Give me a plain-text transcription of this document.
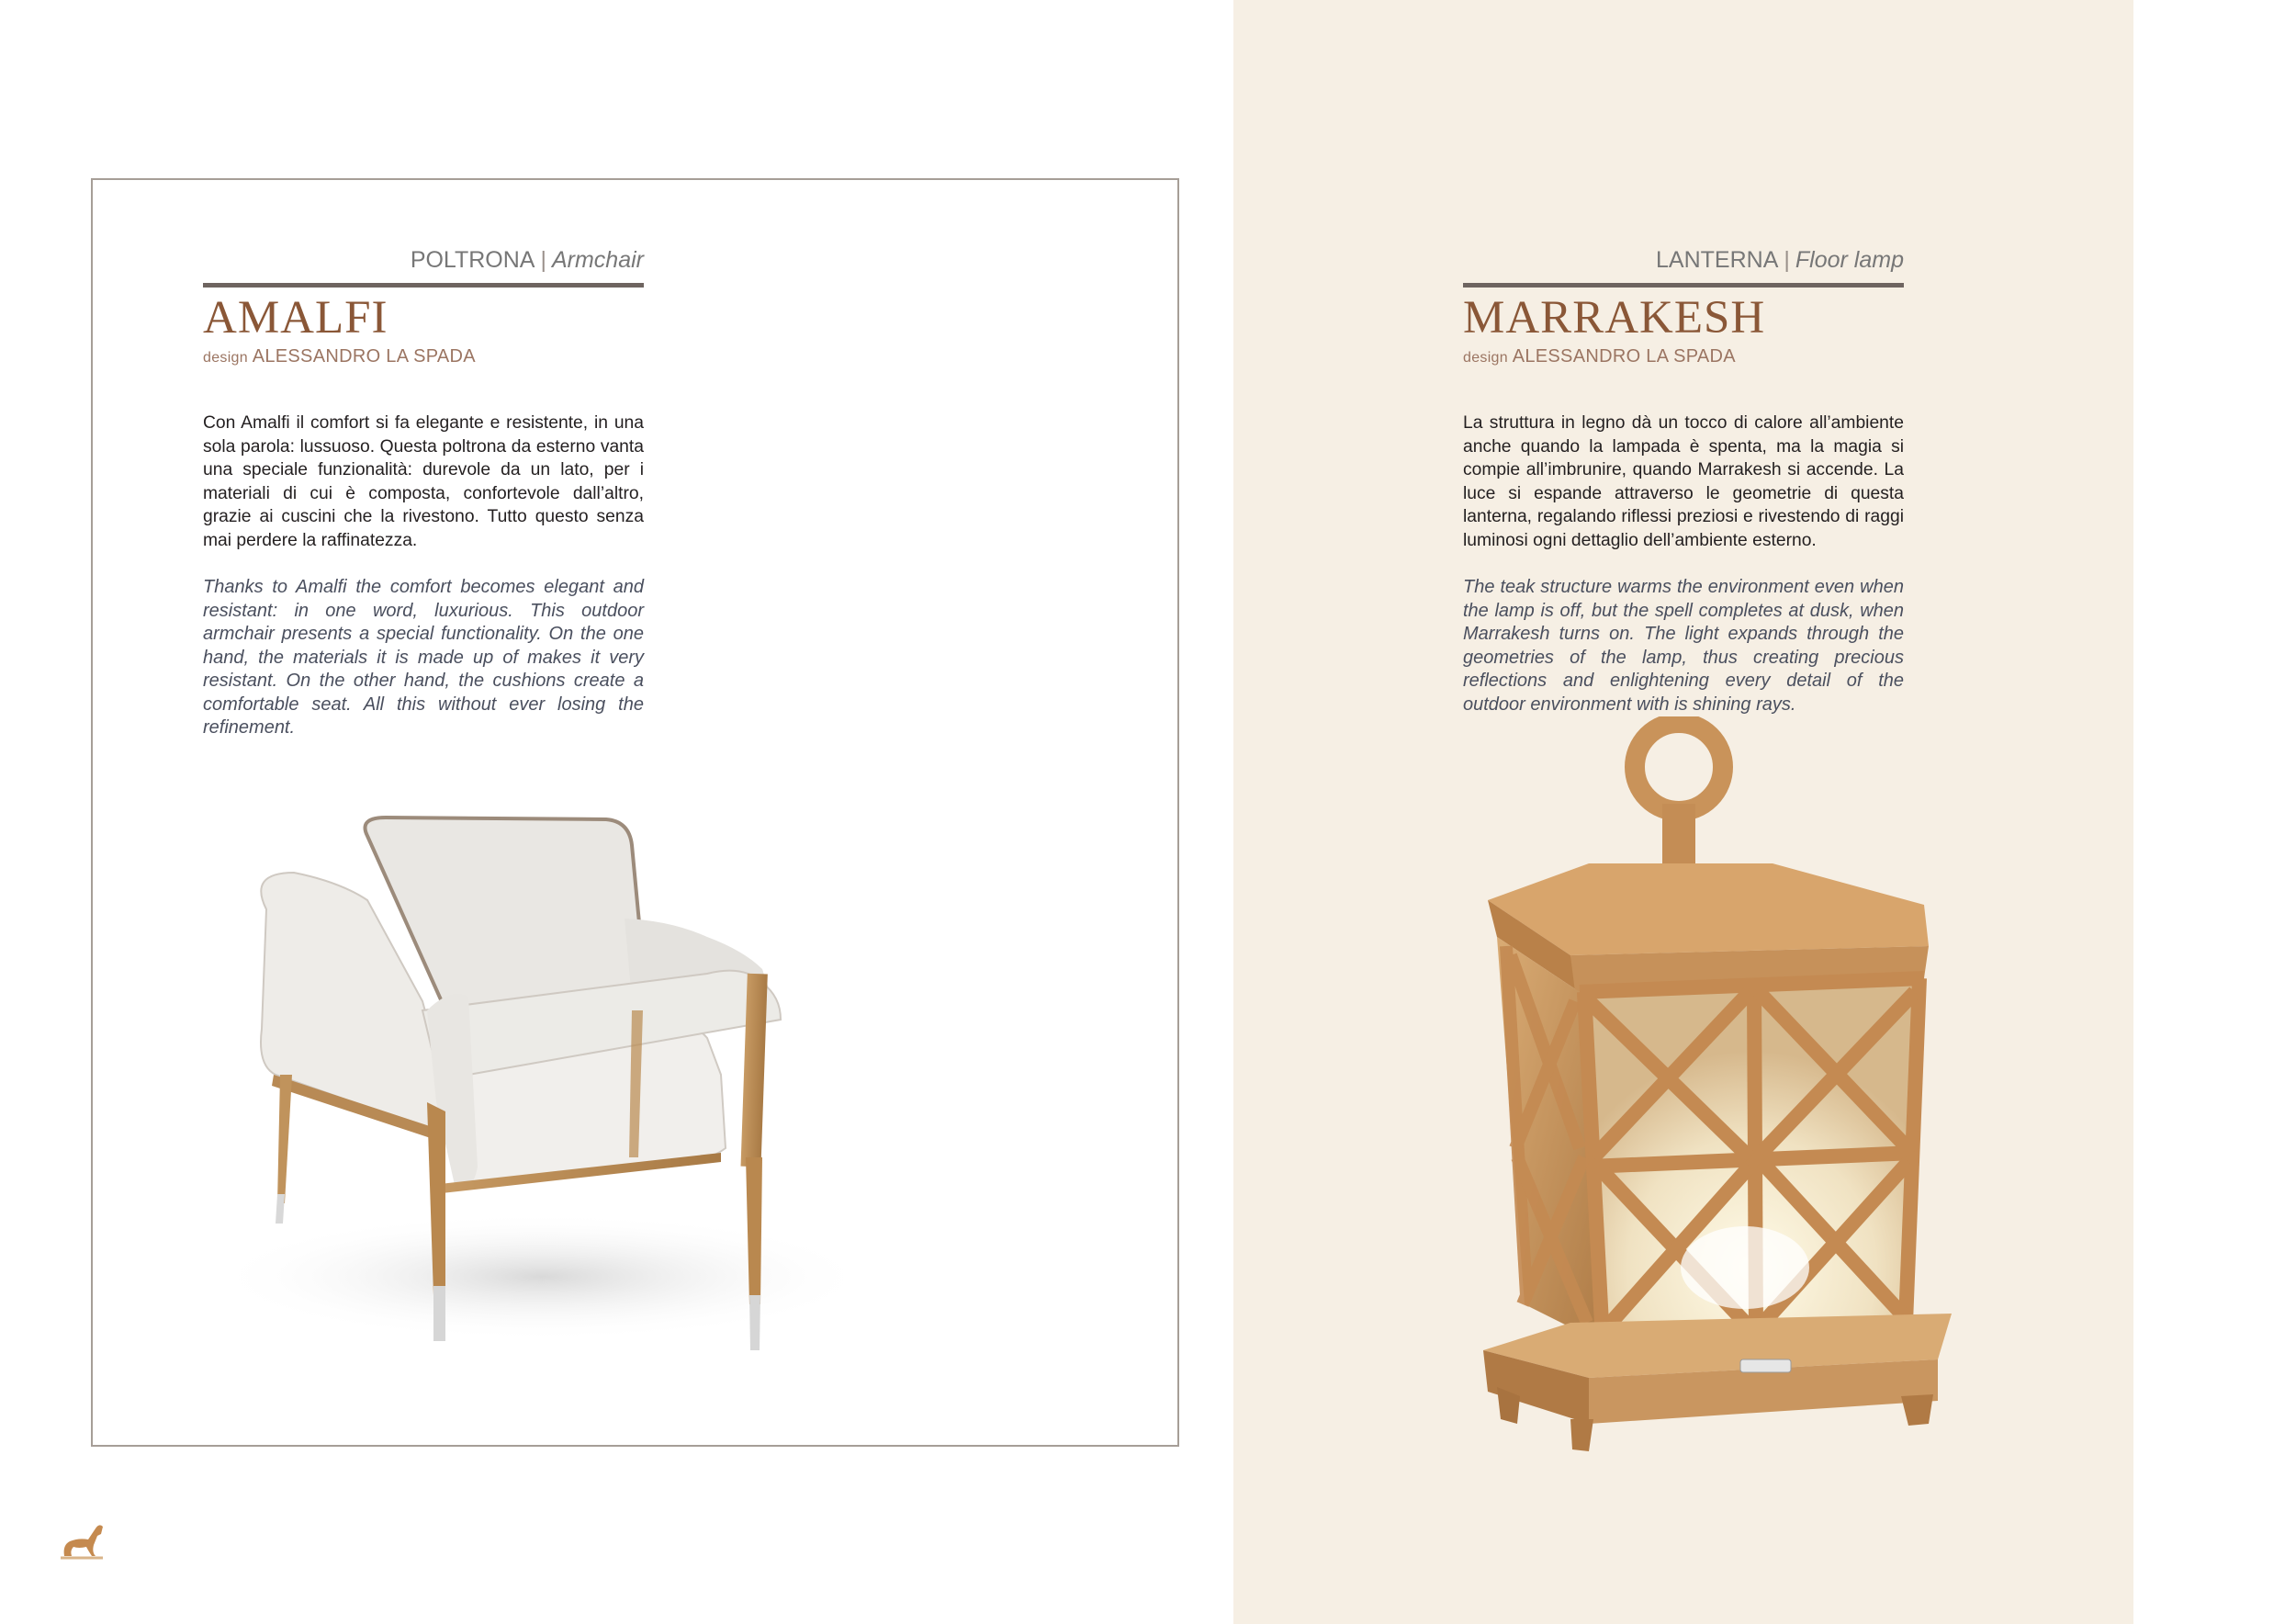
POLTRONA | Armchair
AMALFI
design ALESSANDRO LA SPADA
Con Amalfi il comfort si fa elegante e resistente, in una sola parola: lussuoso. Questa poltrona da esterno vanta una speciale funzionalità: durevole da un lato, per i materiali di cui è composta, confortevole dall’altro, grazie ai cuscini che la rivestono. Tutto questo senza mai perdere la raffinatezza.
Thanks to Amalfi the comfort becomes elegant and resistant: in one word, luxurious. This outdoor armchair presents a special functionality. On the one hand, the materials it is made up of makes it very resistant. On the other hand, the cushions create a comfortable seat. All this without ever losing the refinement.
LANTERNA | Floor lamp
MARRAKESH
design ALESSANDRO LA SPADA
La struttura in legno dà un tocco di calore all’ambiente anche quando la lampada è spenta, ma la magia si compie all’imbrunire, quando Marrakesh si accende. La luce si espande attraverso le geometrie di questa lanterna, regalando riflessi preziosi e rivestendo di raggi luminosi ogni dettaglio dell’ambiente esterno.
The teak structure warms the environment even when the lamp is off, but the spell completes at dusk, when Marrakesh turns on. The light expands through the geometries of the lamp, thus creating precious reflections and enlightening every detail of the outdoor environment with is shining rays.
